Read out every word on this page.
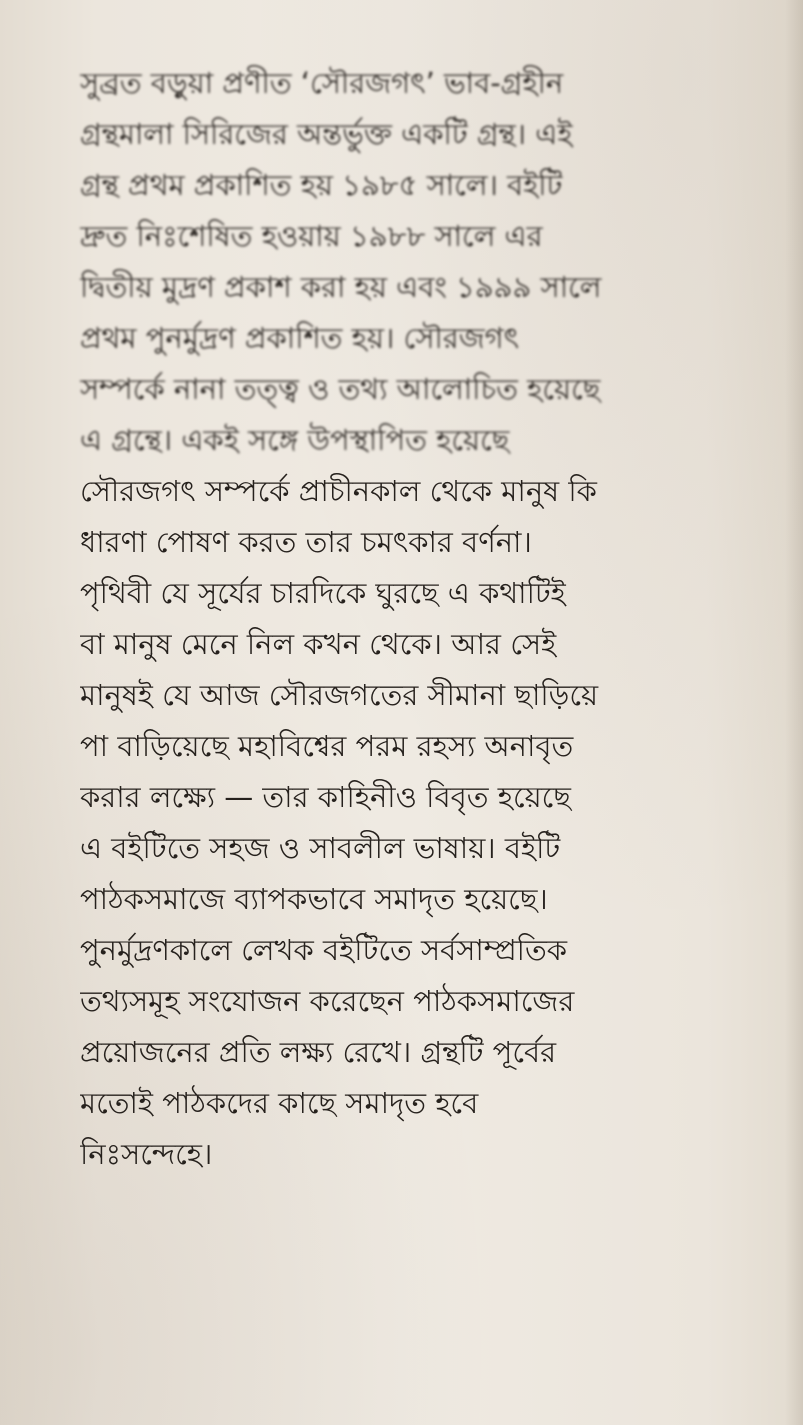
সুব্রত বড়ুয়া প্রণীত ‘সৌরজগৎ’ ভাব-গ্রহীন
গ্রন্থমালা সিরিজের অন্তর্ভুক্ত একটি গ্রন্থ। এই
গ্রন্থ প্রথম প্রকাশিত হয় ১৯৮৫ সালে। বইটি
দ্রুত নিঃশেষিত হওয়ায় ১৯৮৮ সালে এর
দ্বিতীয় মুদ্রণ প্রকাশ করা হয় এবং ১৯৯৯ সালে
প্রথম পুনর্মুদ্রণ প্রকাশিত হয়। সৌরজগৎ
সম্পর্কে নানা তত্ত্ব ও তথ্য আলোচিত হয়েছে
এ গ্রন্থে। একই সঙ্গে উপস্থাপিত হয়েছে
সৌরজগৎ সম্পর্কে প্রাচীনকাল থেকে মানুষ কি
ধারণা পোষণ করত তার চমৎকার বর্ণনা।
পৃথিবী যে সূর্যের চারদিকে ঘুরছে এ কথাটিই
বা মানুষ মেনে নিল কখন থেকে। আর সেই
মানুষই যে আজ সৌরজগতের সীমানা ছাড়িয়ে
পা বাড়িয়েছে মহাবিশ্বের পরম রহস্য অনাবৃত
করার লক্ষ্যে — তার কাহিনীও বিবৃত হয়েছে
এ বইটিতে সহজ ও সাবলীল ভাষায়। বইটি
পাঠকসমাজে ব্যাপকভাবে সমাদৃত হয়েছে।
পুনর্মুদ্রণকালে লেখক বইটিতে সর্বসাম্প্রতিক
তথ্যসমূহ সংযোজন করেছেন পাঠকসমাজের
প্রয়োজনের প্রতি লক্ষ্য রেখে। গ্রন্থটি পূর্বের
মতোই পাঠকদের কাছে সমাদৃত হবে
নিঃসন্দেহে।
